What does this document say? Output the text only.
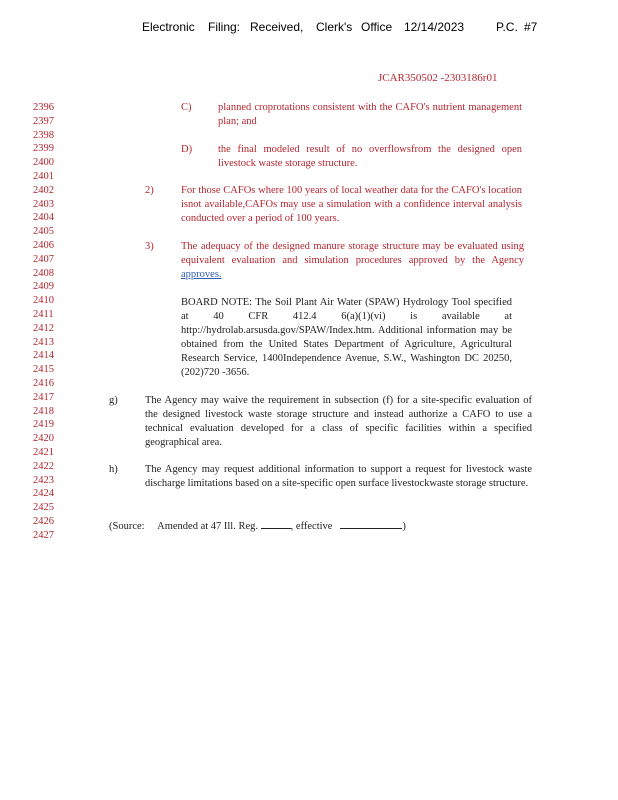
Electronic Filing: Received, Clerk's Office 12/14/2023	P.C. #7
JCAR350502 -2303186r01
2396
2397
2398
2399
2400
2401
2402
2403
2404
2405
2406
2407
2408
2409
2410
2411
2412
2413
2414
2415
2416
2417
2418
2419
2420
2421
2422
2423
2424
2425
2426
2427
C)	planned croprotations consistent with the CAFO's nutrient management plan; and
D) the final modeled result of no overflowsfrom the designed open livestock waste storage structure.
2)	For those CAFOs where 100 years of local weather data for the CAFO's location isnot available,CAFOs may use a simulation with a confidence interval analysis conducted over a period of 100 years.
3)	The adequacy of the designed manure storage structure may be evaluated using equivalent evaluation and simulation procedures approved by the Agency approves.
BOARD NOTE: The Soil Plant Air Water (SPAW) Hydrology Tool specified at 40 CFR 412.4 6(a)(1)(vi) is available at http://hydrolab.arsusda.gov/SPAW/Index.htm. Additional information may be obtained from the United States Department of Agriculture, Agricultural Research Service, 1400Independence Avenue, S.W., Washington DC 20250, (202)720 -3656.
g)	The Agency may waive the requirement in subsection (f) for a site-specific evaluation of the designed livestock waste storage structure and instead authorize a CAFO to use a technical evaluation developed for a class of specific facilities within a specified geographical area.
h)	The Agency may request additional information to support a request for livestock waste discharge limitations based on a site-specific open surface livestockwaste storage structure.
(Source: Amended at 47 Ill. Reg.	, effective	)
